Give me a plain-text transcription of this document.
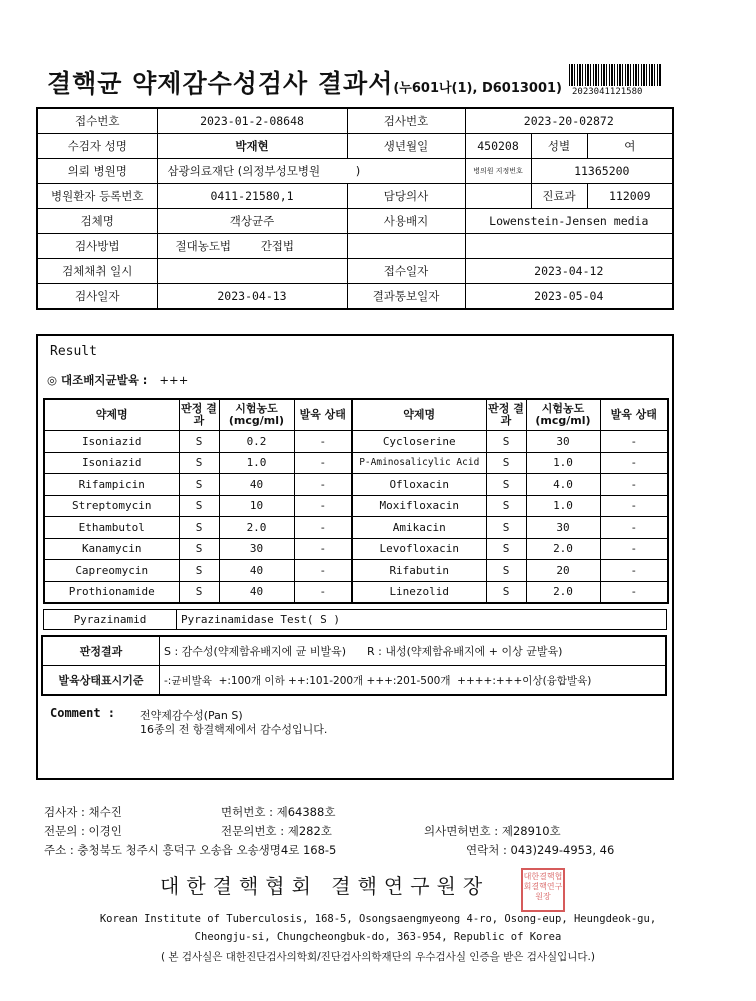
결핵균 약제감수성검사 결과서(누601나(1), D6013001) 2023041121580
접수번호	2023-01-2-08648	검사번호	2023-20-02872		
수검자 성명	박재현	생년월일	450208	성별	여
의뢰 병원명	삼광의료재단 (의정부성모병원 )		병의원 지정번호	11365200	
병원환자 등록번호	0411-21580,1	담당의사		진료과	112009
검체명	객상균주	사용배지	Lowenstein-Jensen media		
검사방법	절대농도법 간접법				
검체채취 일시		접수일자	2023-04-12		
검사일자	2023-04-13	결과통보일자	2023-05-04		
Result
◎ 대조배지균발육 : +++
약제명	판정 결과	시험농도 (mcg/ml)	발육 상태	약제명	판정 결과	시험농도 (mcg/ml)	발육 상태
Isoniazid	S	0.2	-	Cycloserine	S	30	-
Isoniazid	S	1.0	-	P-Aminosalicylic Acid	S	1.0	-
Rifampicin	S	40	-	Ofloxacin	S	4.0	-
Streptomycin	S	10	-	Moxifloxacin	S	1.0	-
Ethambutol	S	2.0	-	Amikacin	S	30	-
Kanamycin	S	30	-	Levofloxacin	S	2.0	-
Capreomycin	S	40	-	Rifabutin	S	20	-
Prothionamide	S	40	-	Linezolid	S	2.0	-
Pyrazinamid	Pyrazinamidase Test( S )
판정결과	S : 감수성(약제함유배지에 균 비발육)      R : 내성(약제함유배지에 + 이상 균발육)
발육상태표시기준	-:균비발육  +:100개 이하 ++:101-200개 +++:201-500개  ++++:+++이상(융합발육)
Comment : 전약제감수성(Pan S)
16종의 전 항결핵제에서 감수성입니다.
검사자 : 채수진	면허번호 : 제64388호
전문의 : 이경인	전문의번호 : 제282호	의사면허번호 : 제28910호
주소 : 충청북도 청주시 흥덕구 오송읍 오송생명4로 168-5	연락처 : 043)249-4953, 46
대한결핵협회 결핵연구원장	대한결핵협회결핵연구원장
Korean Institute of Tuberculosis, 168-5, Osongsaengmyeong 4-ro, Osong-eup, Heungdeok-gu,
Cheongju-si, Chungcheongbuk-do, 363-954, Republic of Korea
( 본 검사실은 대한진단검사의학회/진단검사의학재단의 우수검사실 인증을 받은 검사실입니다.)
